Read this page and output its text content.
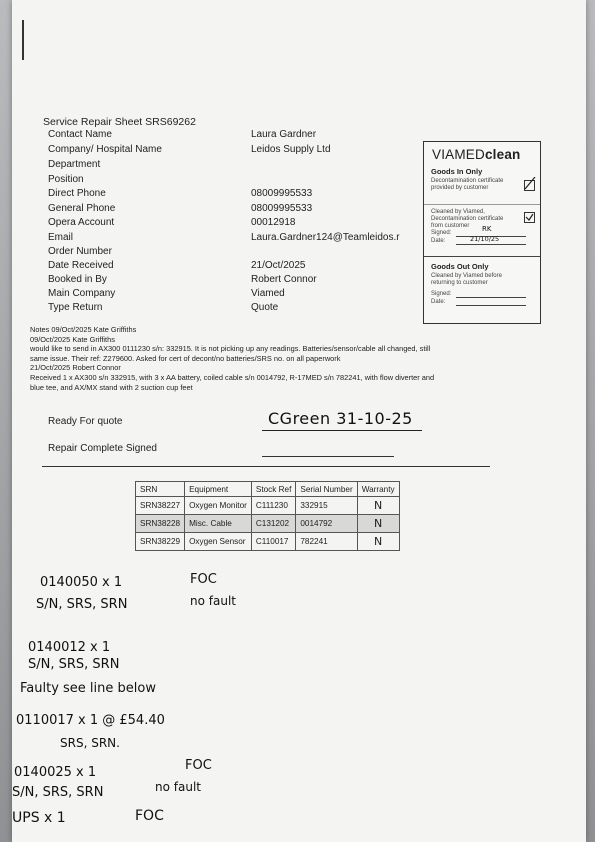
Service Repair Sheet SRS69262
Contact Name	Laura Gardner
Company/ Hospital Name	Leidos Supply Ltd
Department
Position
Direct Phone	08009995533
General Phone	08009995533
Opera Account	00012918
Email	Laura.Gardner124@Teamleidos.r
Order Number
Date Received	21/Oct/2025
Booked in By	Robert Connor
Main Company	Viamed
Type Return	Quote
VIAMEDclean
Goods In Only
Decontamination certificate provided by customer
Cleaned by Viamed, Decontamination certificate from customer
Signed:	RK
Date:	21/10/25
Goods Out Only
Cleaned by Viamed before returning to customer
Signed:
Date:
Notes 09/Oct/2025 Kate Griffiths
09/Oct/2025 Kate Griffiths
would like to send in AX300 0111230 s/n: 332915. It is not picking up any readings. Batteries/sensor/cable all changed, still
same issue. Their ref: Z279600. Asked for cert of decont/no batteries/SRS no. on all paperwork
21/Oct/2025 Robert Connor
Received 1 x AX300 s/n 332915, with 3 x AA battery, coiled cable s/n 0014792, R-17MED s/n 782241, with flow diverter and
blue tee, and AX/MX stand with 2 suction cup feet
Ready For quote	CGreen 31-10-25
Repair Complete Signed
SRN	Equipment	Stock Ref	Serial Number	Warranty
SRN38227	Oxygen Monitor	C111230	332915	N
SRN38228	Misc. Cable	C131202	0014792	N
SRN38229	Oxygen Sensor	C110017	782241	N
0140050 x 1	FOC
S/N, SRS, SRN	no fault
0140012 x 1
S/N, SRS, SRN
Faulty see line below
0110017 x 1 @ £54.40
SRS, SRN.
0140025 x 1	FOC
S/N, SRS, SRN	no fault
UPS x 1	FOC
